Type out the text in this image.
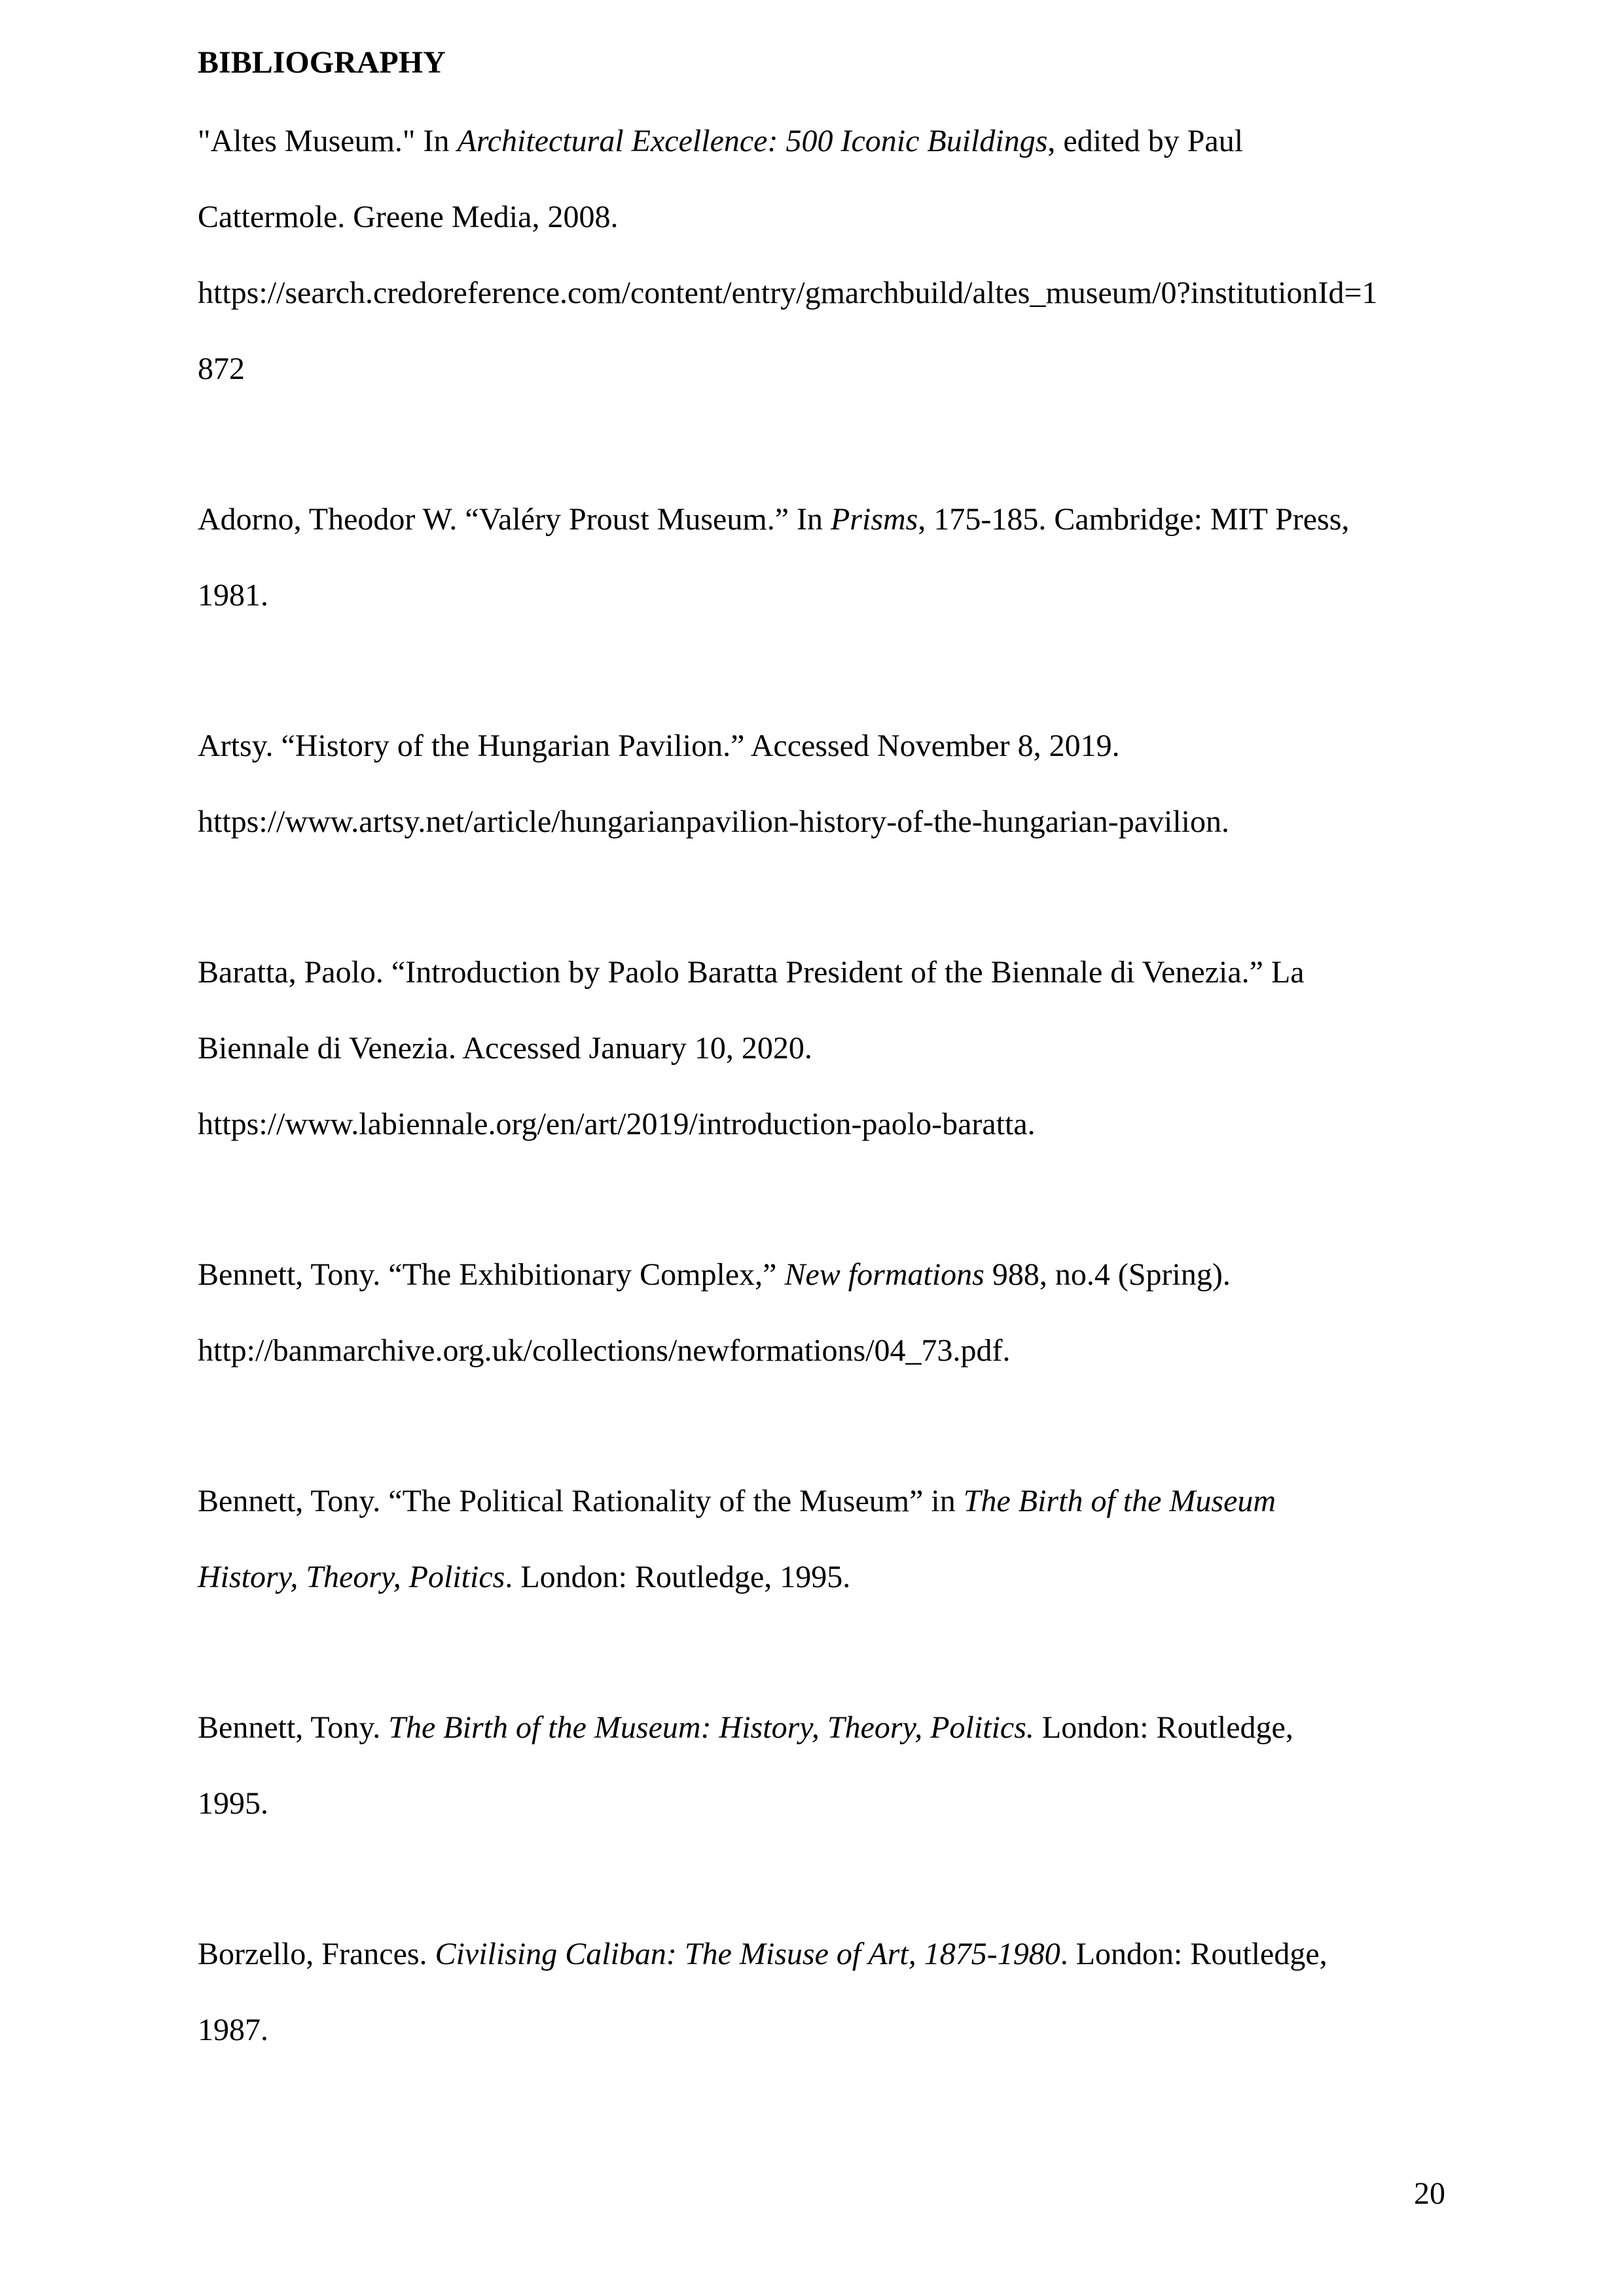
BIBLIOGRAPHY

"Altes Museum." In Architectural Excellence: 500 Iconic Buildings, edited by Paul

Cattermole. Greene Media, 2008.

https://search.credoreference.com/content/entry/gmarchbuild/altes_museum/0?institutionId=1

872

Adorno, Theodor W. “Valéry Proust Museum.” In Prisms, 175-185. Cambridge: MIT Press,

1981.

Artsy. “History of the Hungarian Pavilion.” Accessed November 8, 2019.

https://www.artsy.net/article/hungarianpavilion-history-of-the-hungarian-pavilion.

Baratta, Paolo. “Introduction by Paolo Baratta President of the Biennale di Venezia.” La

Biennale di Venezia. Accessed January 10, 2020.

https://www.labiennale.org/en/art/2019/introduction-paolo-baratta.

Bennett, Tony. “The Exhibitionary Complex,” New formations 988, no.4 (Spring).

http://banmarchive.org.uk/collections/newformations/04_73.pdf.

Bennett, Tony. “The Political Rationality of the Museum” in The Birth of the Museum

History, Theory, Politics. London: Routledge, 1995.

Bennett, Tony. The Birth of the Museum: History, Theory, Politics. London: Routledge,

1995.

Borzello, Frances. Civilising Caliban: The Misuse of Art, 1875-1980. London: Routledge,

1987.

20
